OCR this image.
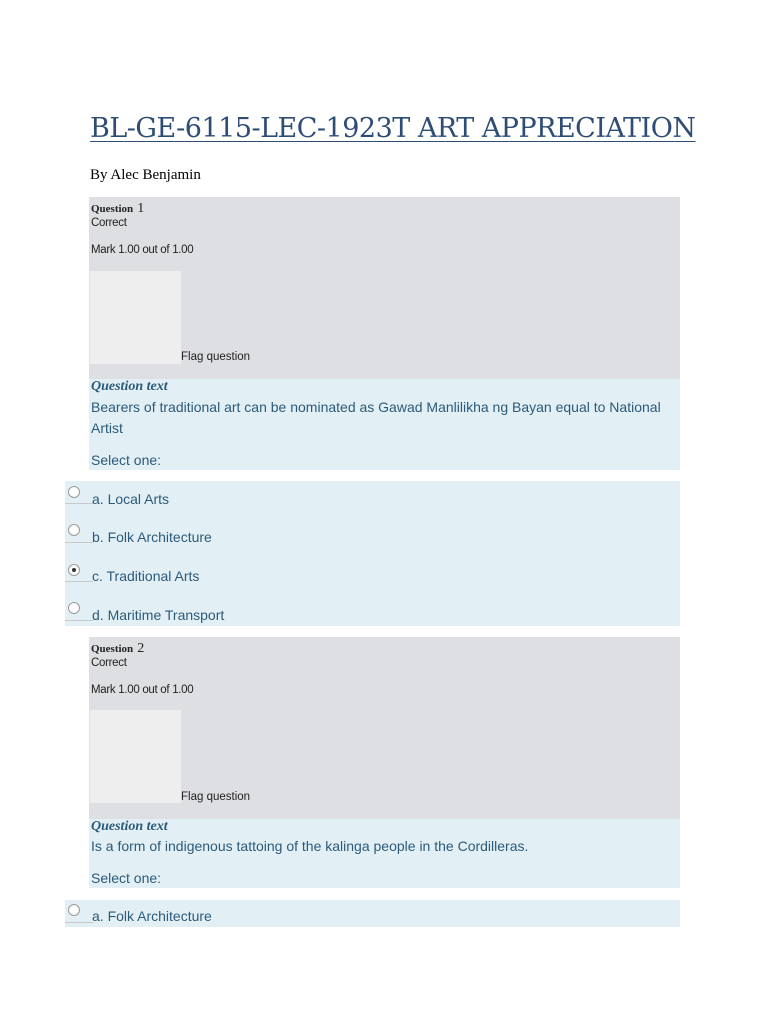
BL-GE-6115-LEC-1923T ART APPRECIATION
By Alec Benjamin
Question 1
Correct
Mark 1.00 out of 1.00
Flag question
Question text
Bearers of traditional art can be nominated as Gawad Manlilikha ng Bayan equal to National Artist
Select one:
a. Local Arts
b. Folk Architecture
c. Traditional Arts
d. Maritime Transport
Question 2
Correct
Mark 1.00 out of 1.00
Flag question
Question text
Is a form of indigenous tattoing of the kalinga people in the Cordilleras.
Select one:
a. Folk Architecture
